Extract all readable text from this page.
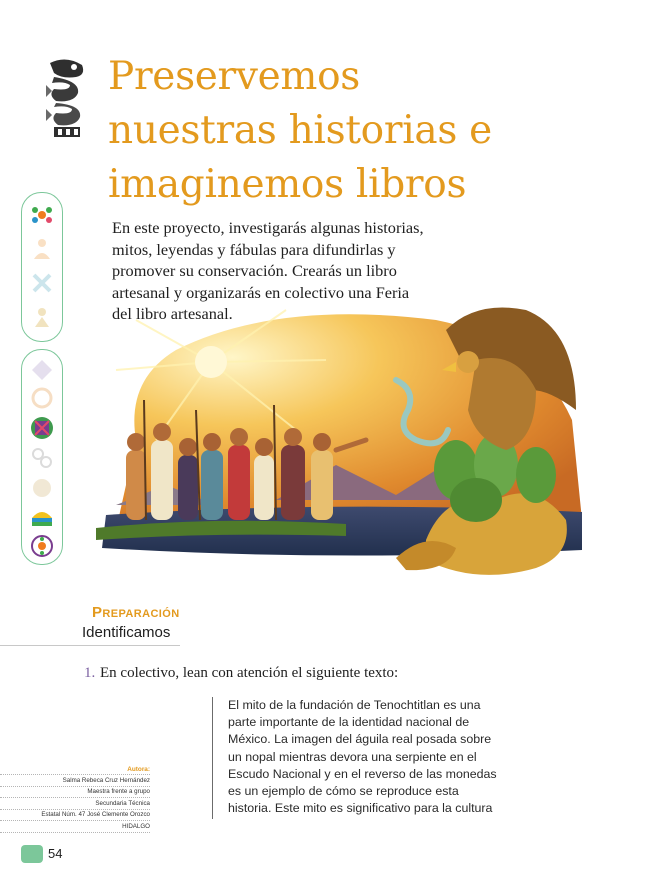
Preservemos
nuestras historias e
imaginemos libros
En este proyecto, investigarás algunas historias,
mitos, leyendas y fábulas para difundirlas y
promover su conservación. Crearás un libro
artesanal y organizarás en colectivo una Feria
del libro artesanal.
Preparación
Identificamos
1. En colectivo, lean con atención el siguiente texto:
El mito de la fundación de Tenochtitlan es una
parte importante de la identidad nacional de
México. La imagen del águila real posada sobre
un nopal mientras devora una serpiente en el
Escudo Nacional y en el reverso de las monedas
es un ejemplo de cómo se reproduce esta
historia. Este mito es significativo para la cultura
Autora:
Salma Rebeca Cruz Hernández
Maestra frente a grupo
Secundaria Técnica
Estatal Núm. 47 José Clemente Orozco
HIDALGO
54
